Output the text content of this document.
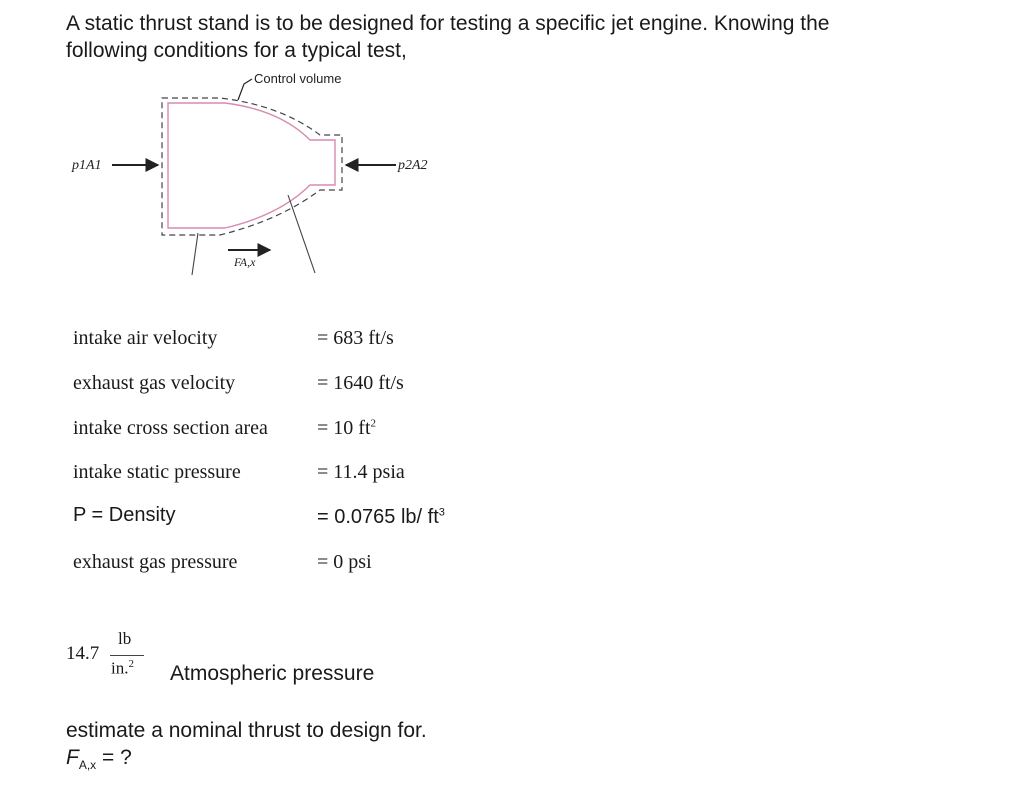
A static thrust stand is to be designed for testing a specific jet engine. Knowing the
following conditions for a typical test,
Control volume
p1A1	p2A2
FA,x
intake air velocity	= 683 ft/s
exhaust gas velocity	= 1640 ft/s
intake cross section area = 10 $ft^2$
intake static pressure	= 11.4 psia
P = Density	= 0.0765 lb/ $ft^3$
exhaust gas pressure	= 0 psi
14.7
lb
in.$^2$ Atmospheric pressure
estimate a nominal thrust to design for.
$F_{A,x}$ = ?
